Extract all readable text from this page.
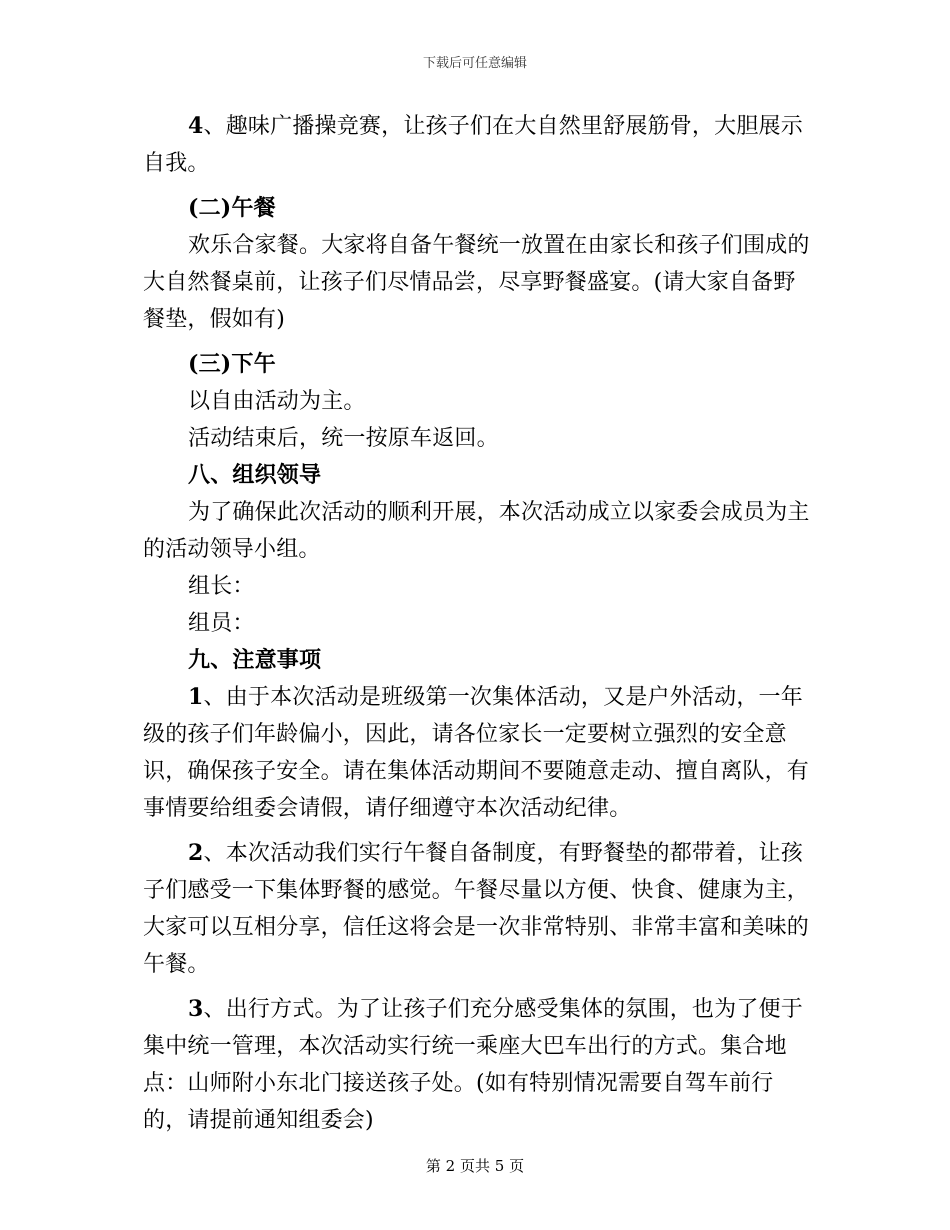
下载后可任意编辑

4、趣味广播操竞赛，让孩子们在大自然里舒展筋骨，大胆展示自我。

(二)午餐

欢乐合家餐。大家将自备午餐统一放置在由家长和孩子们围成的大自然餐桌前，让孩子们尽情品尝，尽享野餐盛宴。(请大家自备野餐垫，假如有)

(三)下午

以自由活动为主。

活动结束后，统一按原车返回。

八、组织领导

为了确保此次活动的顺利开展，本次活动成立以家委会成员为主的活动领导小组。

组长：

组员：

九、注意事项

1、由于本次活动是班级第一次集体活动，又是户外活动，一年级的孩子们年龄偏小，因此，请各位家长一定要树立强烈的安全意识，确保孩子安全。请在集体活动期间不要随意走动、擅自离队，有事情要给组委会请假，请仔细遵守本次活动纪律。

2、本次活动我们实行午餐自备制度，有野餐垫的都带着，让孩子们感受一下集体野餐的感觉。午餐尽量以方便、快食、健康为主，大家可以互相分享，信任这将会是一次非常特别、非常丰富和美味的午餐。

3、出行方式。为了让孩子们充分感受集体的氛围，也为了便于集中统一管理，本次活动实行统一乘座大巴车出行的方式。集合地点：山师附小东北门接送孩子处。(如有特别情况需要自驾车前行的，请提前通知组委会)

第 2 页共 5 页
